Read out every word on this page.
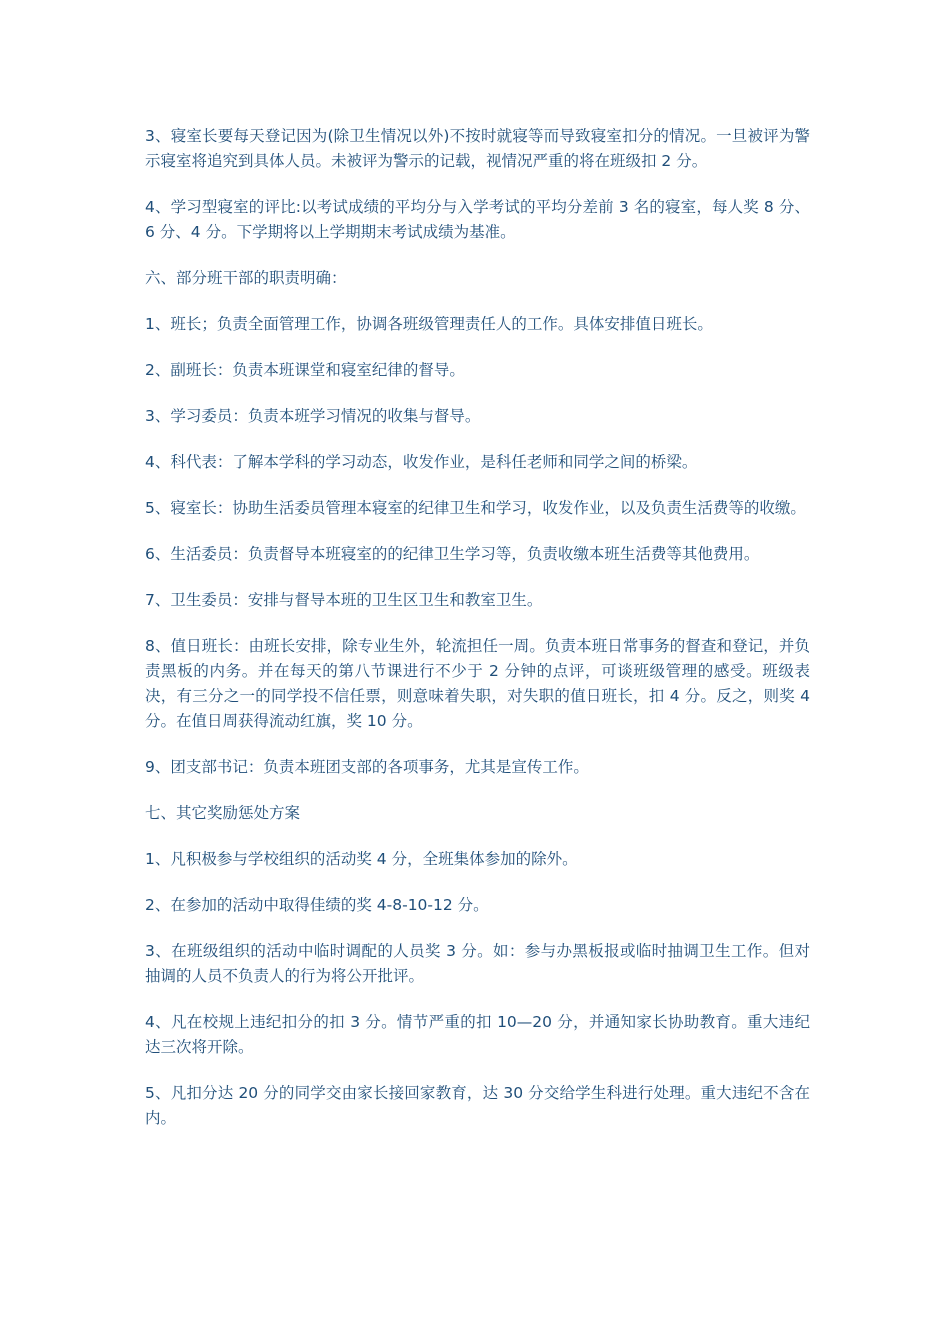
3、寝室长要每天登记因为(除卫生情况以外)不按时就寝等而导致寝室扣分的情况。一旦被评为警示寝室将追究到具体人员。未被评为警示的记载，视情况严重的将在班级扣 2 分。

4、学习型寝室的评比:以考试成绩的平均分与入学考试的平均分差前 3 名的寝室，每人奖 8 分、6 分、4 分。下学期将以上学期期末考试成绩为基准。

六、部分班干部的职责明确：

1、班长；负责全面管理工作，协调各班级管理责任人的工作。具体安排值日班长。

2、副班长：负责本班课堂和寝室纪律的督导。

3、学习委员：负责本班学习情况的收集与督导。

4、科代表：了解本学科的学习动态，收发作业，是科任老师和同学之间的桥梁。

5、寝室长：协助生活委员管理本寝室的纪律卫生和学习，收发作业，以及负责生活费等的收缴。

6、生活委员：负责督导本班寝室的的纪律卫生学习等，负责收缴本班生活费等其他费用。

7、卫生委员：安排与督导本班的卫生区卫生和教室卫生。

8、值日班长：由班长安排，除专业生外，轮流担任一周。负责本班日常事务的督查和登记，并负责黑板的内务。并在每天的第八节课进行不少于 2 分钟的点评，可谈班级管理的感受。班级表决，有三分之一的同学投不信任票，则意味着失职，对失职的值日班长，扣 4 分。反之，则奖 4 分。在值日周获得流动红旗，奖 10 分。

9、团支部书记：负责本班团支部的各项事务，尤其是宣传工作。

七、其它奖励惩处方案

1、凡积极参与学校组织的活动奖 4 分，全班集体参加的除外。

2、在参加的活动中取得佳绩的奖 4-8-10-12 分。

3、在班级组织的活动中临时调配的人员奖 3 分。如：参与办黑板报或临时抽调卫生工作。但对抽调的人员不负责人的行为将公开批评。

4、凡在校规上违纪扣分的扣 3 分。情节严重的扣 10—20 分，并通知家长协助教育。重大违纪达三次将开除。

5、凡扣分达 20 分的同学交由家长接回家教育，达 30 分交给学生科进行处理。重大违纪不含在内。
